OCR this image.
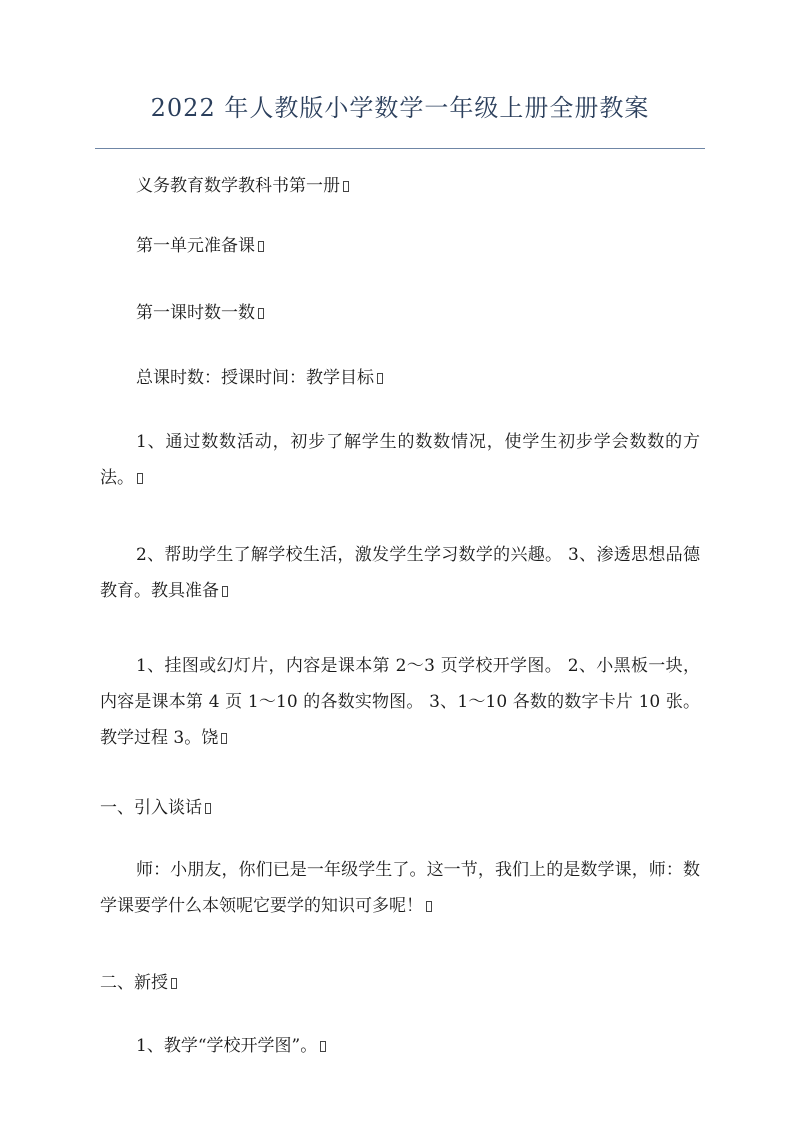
2022 年人教版小学数学一年级上册全册教案

义务教育数学教科书第一册

第一单元准备课

第一课时数一数

总课时数：授课时间：教学目标

1、通过数数活动，初步了解学生的数数情况，使学生初步学会数数的方法。

2、帮助学生了解学校生活，激发学生学习数学的兴趣。 3、渗透思想品德教育。教具准备

1、挂图或幻灯片，内容是课本第 2～3 页学校开学图。 2、小黑板一块，内容是课本第 4 页 1～10 的各数实物图。 3、1～10 各数的数字卡片 10 张。教学过程 3。饶

一、引入谈话

师：小朋友，你们已是一年级学生了。这一节，我们上的是数学课，师：数学课要学什么本领呢它要学的知识可多呢！

二、新授

1、教学“学校开学图”。
